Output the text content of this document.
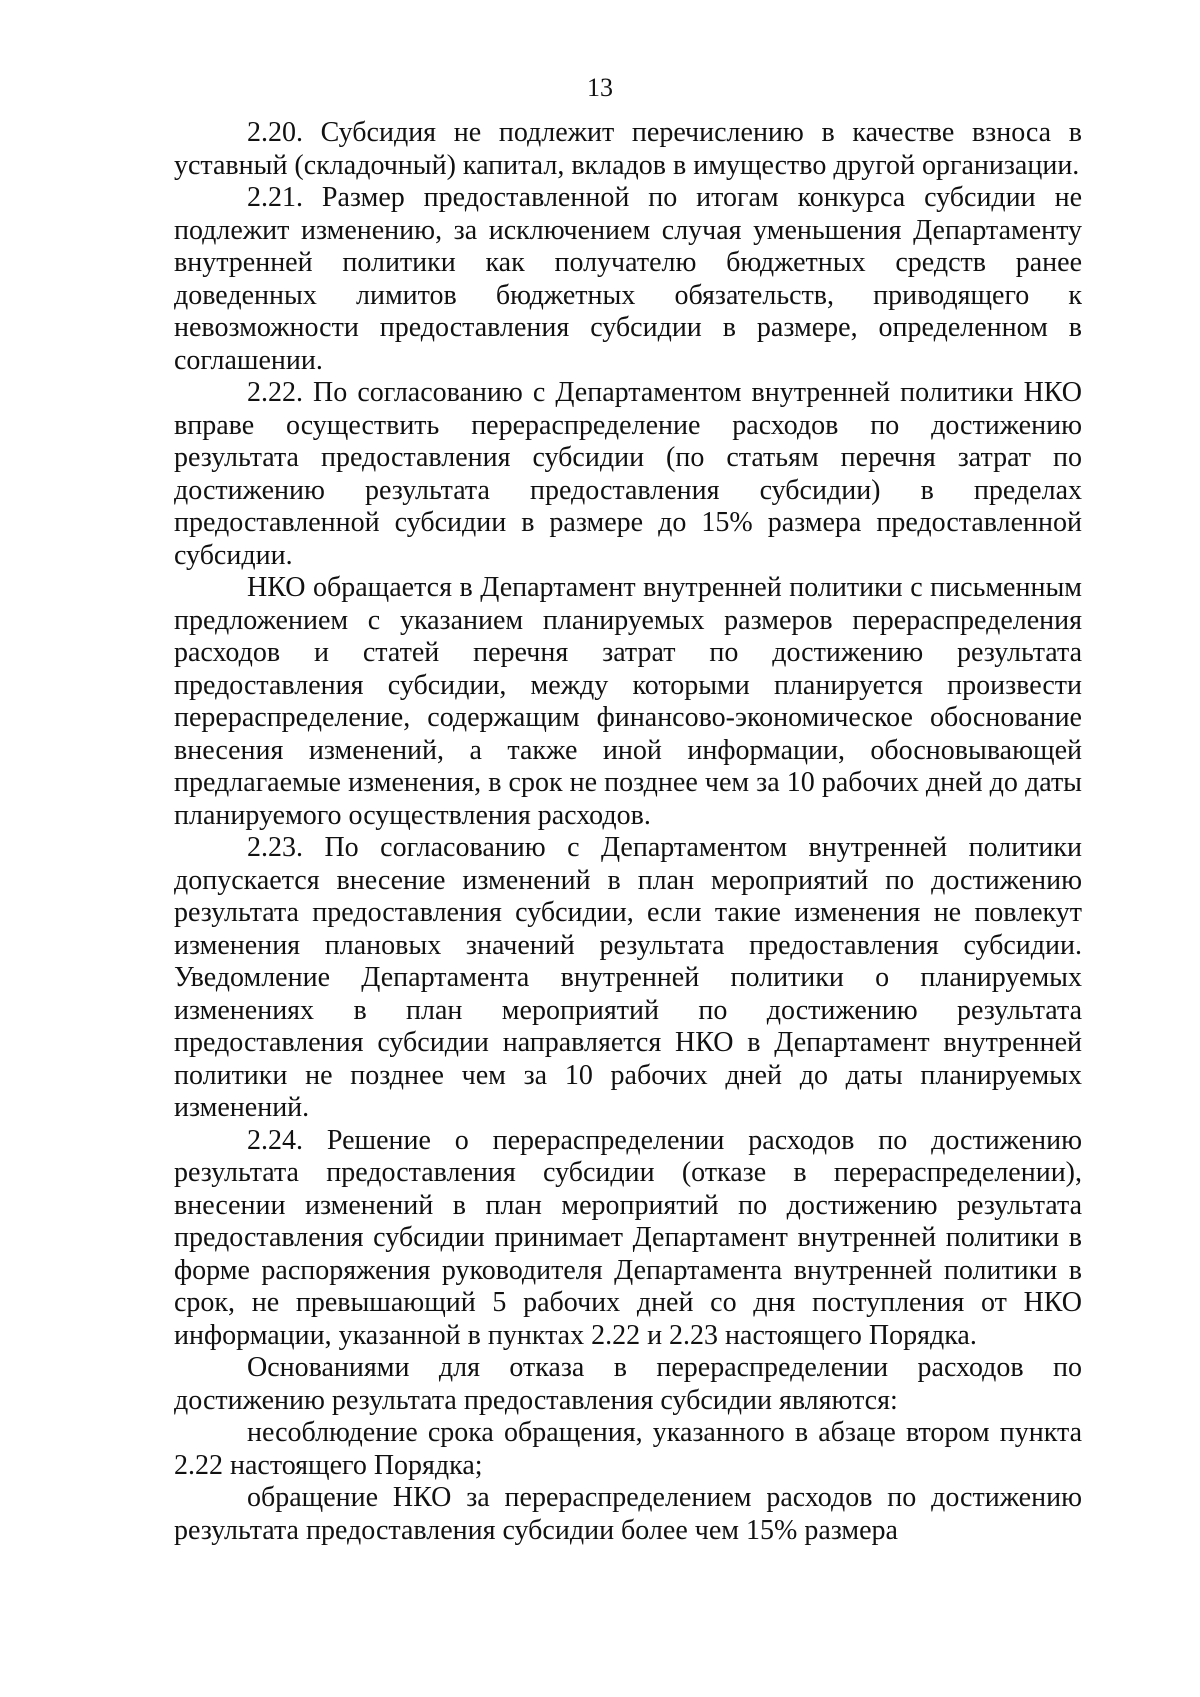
13

2.20. Субсидия не подлежит перечислению в качестве взноса в уставный (складочный) капитал, вкладов в имущество другой организации.

2.21. Размер предоставленной по итогам конкурса субсидии не подлежит изменению, за исключением случая уменьшения Департаменту внутренней политики как получателю бюджетных средств ранее доведенных лимитов бюджетных обязательств, приводящего к невозможности предоставления субсидии в размере, определенном в соглашении.

2.22. По согласованию с Департаментом внутренней политики НКО вправе осуществить перераспределение расходов по достижению результата предоставления субсидии (по статьям перечня затрат по достижению результата предоставления субсидии) в пределах предоставленной субсидии в размере до 15% размера предоставленной субсидии.

НКО обращается в Департамент внутренней политики с письменным предложением с указанием планируемых размеров перераспределения расходов и статей перечня затрат по достижению результата предоставления субсидии, между которыми планируется произвести перераспределение, содержащим финансово-экономическое обоснование внесения изменений, а также иной информации, обосновывающей предлагаемые изменения, в срок не позднее чем за 10 рабочих дней до даты планируемого осуществления расходов.

2.23. По согласованию с Департаментом внутренней политики допускается внесение изменений в план мероприятий по достижению результата предоставления субсидии, если такие изменения не повлекут изменения плановых значений результата предоставления субсидии. Уведомление Департамента внутренней политики о планируемых изменениях в план мероприятий по достижению результата предоставления субсидии направляется НКО в Департамент внутренней политики не позднее чем за 10 рабочих дней до даты планируемых изменений.

2.24. Решение о перераспределении расходов по достижению результата предоставления субсидии (отказе в перераспределении), внесении изменений в план мероприятий по достижению результата предоставления субсидии принимает Департамент внутренней политики в форме распоряжения руководителя Департамента внутренней политики в срок, не превышающий 5 рабочих дней со дня поступления от НКО информации, указанной в пунктах 2.22 и 2.23 настоящего Порядка.

Основаниями для отказа в перераспределении расходов по достижению результата предоставления субсидии являются:

несоблюдение срока обращения, указанного в абзаце втором пункта 2.22 настоящего Порядка;

обращение НКО за перераспределением расходов по достижению результата предоставления субсидии более чем 15% размера
